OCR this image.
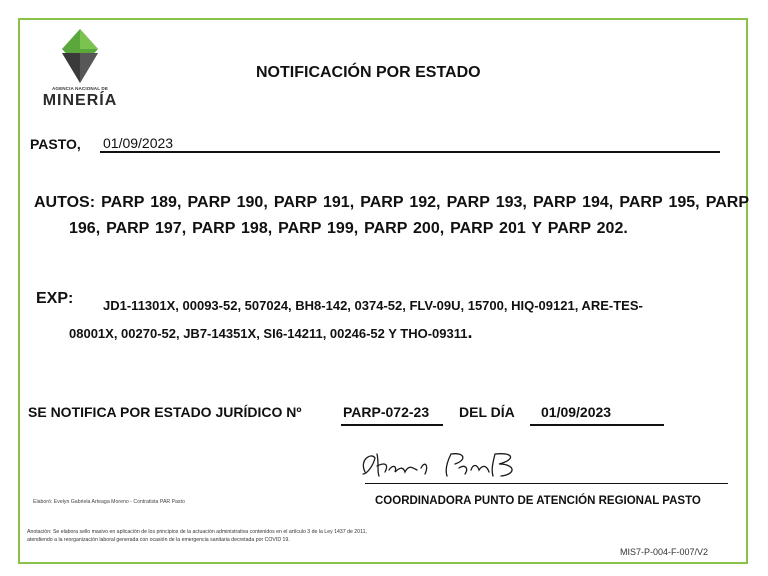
AGENCIA NACIONAL DE
MINERÍA
NOTIFICACIÓN POR ESTADO
PASTO, 01/09/2023
AUTOS: PARP 189, PARP 190, PARP 191, PARP 192, PARP 193, PARP 194, PARP 195, PARP 196, PARP 197, PARP 198, PARP 199, PARP 200, PARP 201 Y PARP 202.
EXP:	JD1-11301X, 00093-52, 507024, BH8-142, 0374-52, FLV-09U, 15700, HIQ-09121, ARE-TES-08001X, 00270-52, JB7-14351X, SI6-14211, 00246-52 Y THO-09311.
SE NOTIFICA POR ESTADO JURÍDICO Nº	PARP-072-23 DEL DÍA 01/09/2023
COORDINADORA PUNTO DE ATENCIÓN REGIONAL PASTO
Elaboró: Evelyn Gabriela Arteaga Moreno - Contratista PAR Pasto
Anotación: Se elabora sello masivo en aplicación de los principios de la actuación administrativa contenidos en el artículo 3 de la Ley 1437 de 2011, atendiendo a la reorganización laboral generada con ocasión de la emergencia sanitaria decretada por COVID 19.
MIS7-P-004-F-007/V2
